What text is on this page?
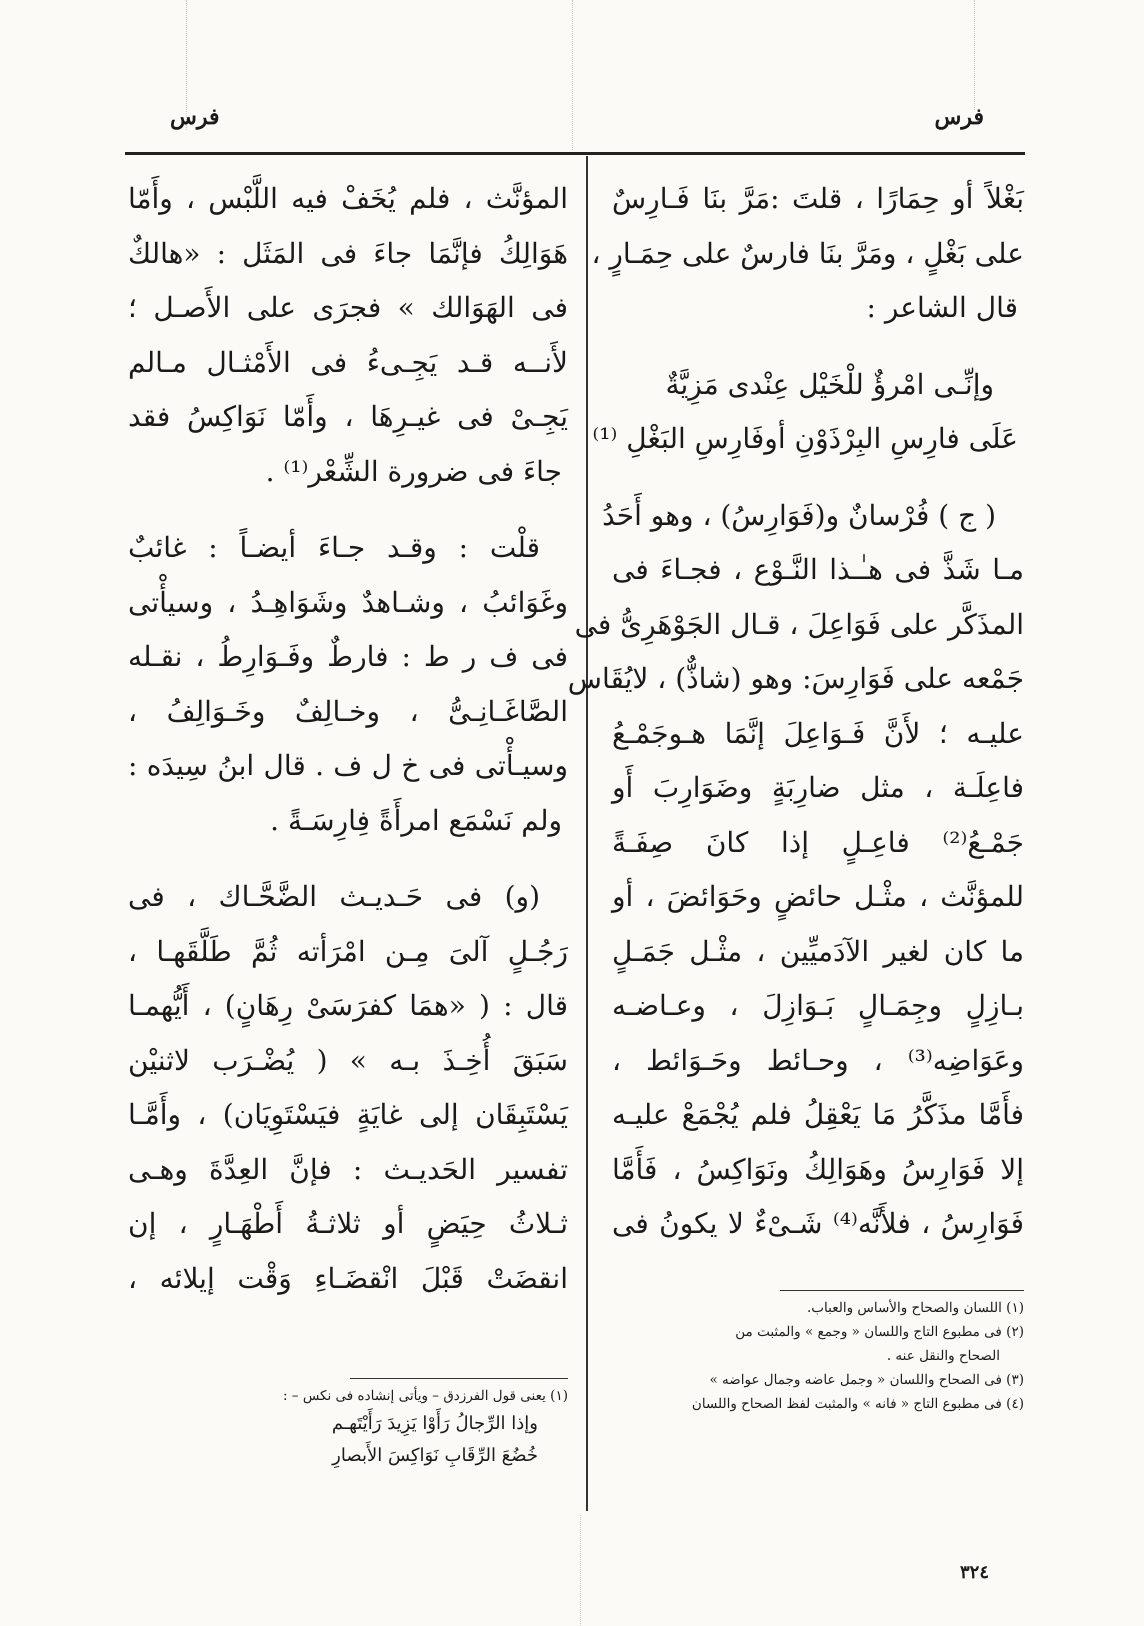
فرس
فرس
بَغْلاً أو حِمَارًا ، قلتَ :مَرَّ بنَا فَـارِسٌ
على بَغْلٍ ، ومَرَّ بنَا فارسٌ على حِمَـارٍ ،
قال الشاعر :
وإنِّـى امْرؤٌ للْخَيْل عِنْدى مَزِيَّةٌ
عَلَى فارِسِ البِرْذَوْنِ أوفَارِسِ البَغْلِ ⁽¹⁾
( ج ) فُرْسانٌ و(فَوَارِسُ) ، وهو أَحَدُ
مـا شَذَّ فى هـٰـذا النَّـوْع ، فجـاءَ فى
المذَكَّر على فَوَاعِلَ ، قـال الجَوْهَرِىُّ فى
جَمْعه على فَوَارِسَ: وهو (شاذٌّ) ، لايُقَاس
عليـه ؛ لأَنَّ فَـوَاعِلَ إنَّمَا هـوجَمْـعُ
فاعِلَـة ، مثل ضارِبَةٍ وضَوَارِبَ أَو
جَمْـعُ⁽²⁾ فاعِـلٍ إذا كانَ صِفَـةً
للمؤنَّث ، مثْـل حائضٍ وحَوَائضَ ، أو
ما كان لغير الآدَميِّين ، مثْـل جَمَـلٍ
بـازِلٍ وجِمَـالٍ بَـوَازِلَ ، وعـاضـه
وعَوَاضِه⁽³⁾ ، وحـائط وحَـوَائط ،
فأَمَّا مذَكَّرُ مَا يَعْقِلُ فلم يُجْمَعْ عليـه
إلا فَوَارِسُ وهَوَالِكُ ونَوَاكِسُ ، فَأَمَّا
فَوَارِسُ ، فلأَنَّه⁽⁴⁾ شَـىْءٌ لا يكونُ فى
المؤنَّث ، فلم يُخَفْ فيه اللَّبْس ، وأَمّا
هَوَالِكُ فإنَّمَا جاءَ فى المَثَل : «هالكٌ
فى الهَوَالك » فجرَى على الأَصـل ؛
لأَنــه قـد يَجِـىءُ فى الأَمْثـال مـالم
يَجِـىْ فى غيـرِهَا ، وأَمّا نَوَاكِسُ فقد
جاءَ فى ضرورة الشِّعْر⁽¹⁾ .
قلْت : وقـد جـاءَ أيضـاً : غائبٌ
وغَوَائبُ ، وشـاهدٌ وشَوَاهِـدُ ، وسيأْتى
فى ف ر ط : فارطٌ وفَـوَارِطُ ، نقـله
الصَّاغَـانِـىُّ ، وخـالِفٌ وخَـوَالِفُ ،
وسيـأْتى فى خ ل ف . قال ابنُ سِيدَه :
ولم نَسْمَع امرأَةً فِارِسَـةً .
(و) فى حَـديـث الضَّحَّـاك ، فى
رَجُـلٍ آلىَ مِـن امْرَأته ثُمَّ طَلَّقَهـا ،
قال : ( «همَا كفرَسَىْ رِهَانٍ) ، أَيُّهمـا
سَبَقَ أُخِـذَ بـه » ( يُضْـرَب لاثنيْن
يَسْتَبِقَان إلى غايَةٍ فيَسْتَوِيَان) ، وأَمَّـا
تفسير الحَديـث : فإنَّ العِدَّةَ وهـى
ثـلاثُ حِيَضٍ أو ثلاثـةُ أَطْهَـارٍ ، إن
انقضَتْ قَبْلَ انْقضَـاءِ وَقْت إيلائه ،
(١) اللسان والصحاح والأساس والعباب.
(٢) فى مطبوع التاج واللسان « وجمع » والمثبت من
الصحاح والنقل عنه .
(٣) فى الصحاح واللسان « وجمل عاضه وجمال عواضه »
(٤) فى مطبوع التاج « فانه » والمثبت لفظ الصحاح واللسان
(١) يعنى قول الفرزدق – ويأتى إنشاده فى نكس – :
وإذا الرِّجالُ رَأَوْا يَزِيدَ رَأَيْتَهـم
خُضُعَ الرِّقَابِ نَوَاكِسَ الأَبصارِ
٣٢٤
